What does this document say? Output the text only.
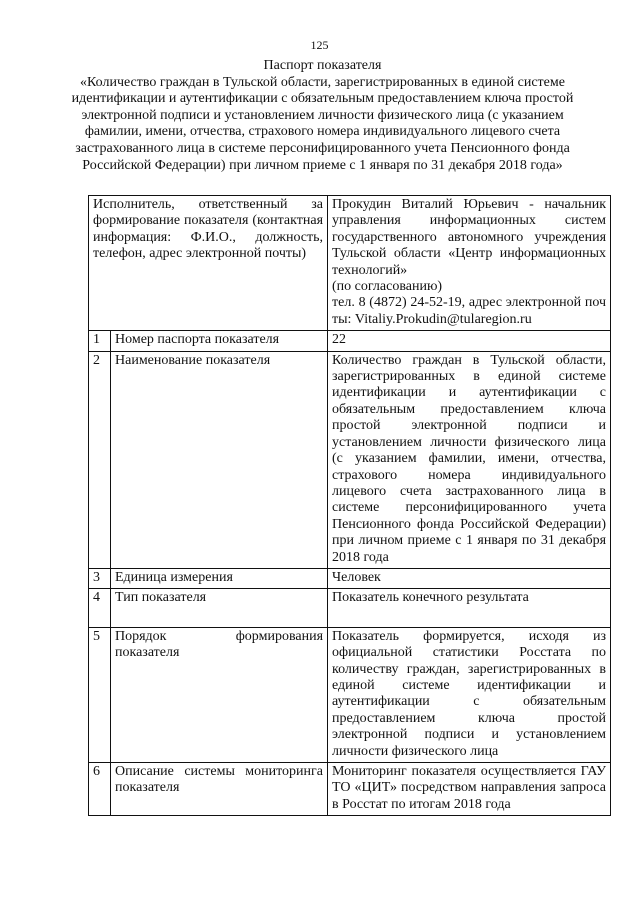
125

Паспорт показателя

«Количество граждан в Тульской области, зарегистрированных в единой системе идентификации и аутентификации с обязательным предоставлением ключа простой электронной подписи и установлением личности физического лица (с указанием фамилии, имени, отчества, страхового номера индивидуального лицевого счета застрахованного лица в системе персонифицированного учета Пенсионного фонда Российской Федерации) при личном приеме с 1 января по 31 декабря 2018 года»

Исполнитель, ответственный за формирование показателя (контактная информация: Ф.И.О., должность, телефон, адрес электронной почты)		Прокудин Виталий Юрьевич - начальник управления информационных систем государственного автономного учреждения Тульской области «Центр информационных технологий»
(по согласованию)
тел. 8 (4872) 24-52-19, адрес электронной почты: Vitaliy.Prokudin@tularegion.ru

1	Номер паспорта показателя	22
2	Наименование показателя	Количество граждан в Тульской области, зарегистрированных в единой системе идентификации и аутентификации с обязательным предоставлением ключа простой электронной подписи и установлением личности физического лица (с указанием фамилии, имени, отчества, страхового номера индивидуального лицевого счета застрахованного лица в системе персонифицированного учета Пенсионного фонда Российской Федерации) при личном приеме с 1 января по 31 декабря 2018 года
3	Единица измерения	Человек
4	Тип показателя	Показатель конечного результата
5	Порядок формирования показателя	Показатель формируется, исходя из официальной статистики Росстата по количеству граждан, зарегистрированных в единой системе идентификации и аутентификации с обязательным предоставлением ключа простой электронной подписи и установлением личности физического лица
6	Описание системы мониторинга показателя	Мониторинг показателя осуществляется ГАУ ТО «ЦИТ» посредством направления запроса в Росстат по итогам 2018 года
